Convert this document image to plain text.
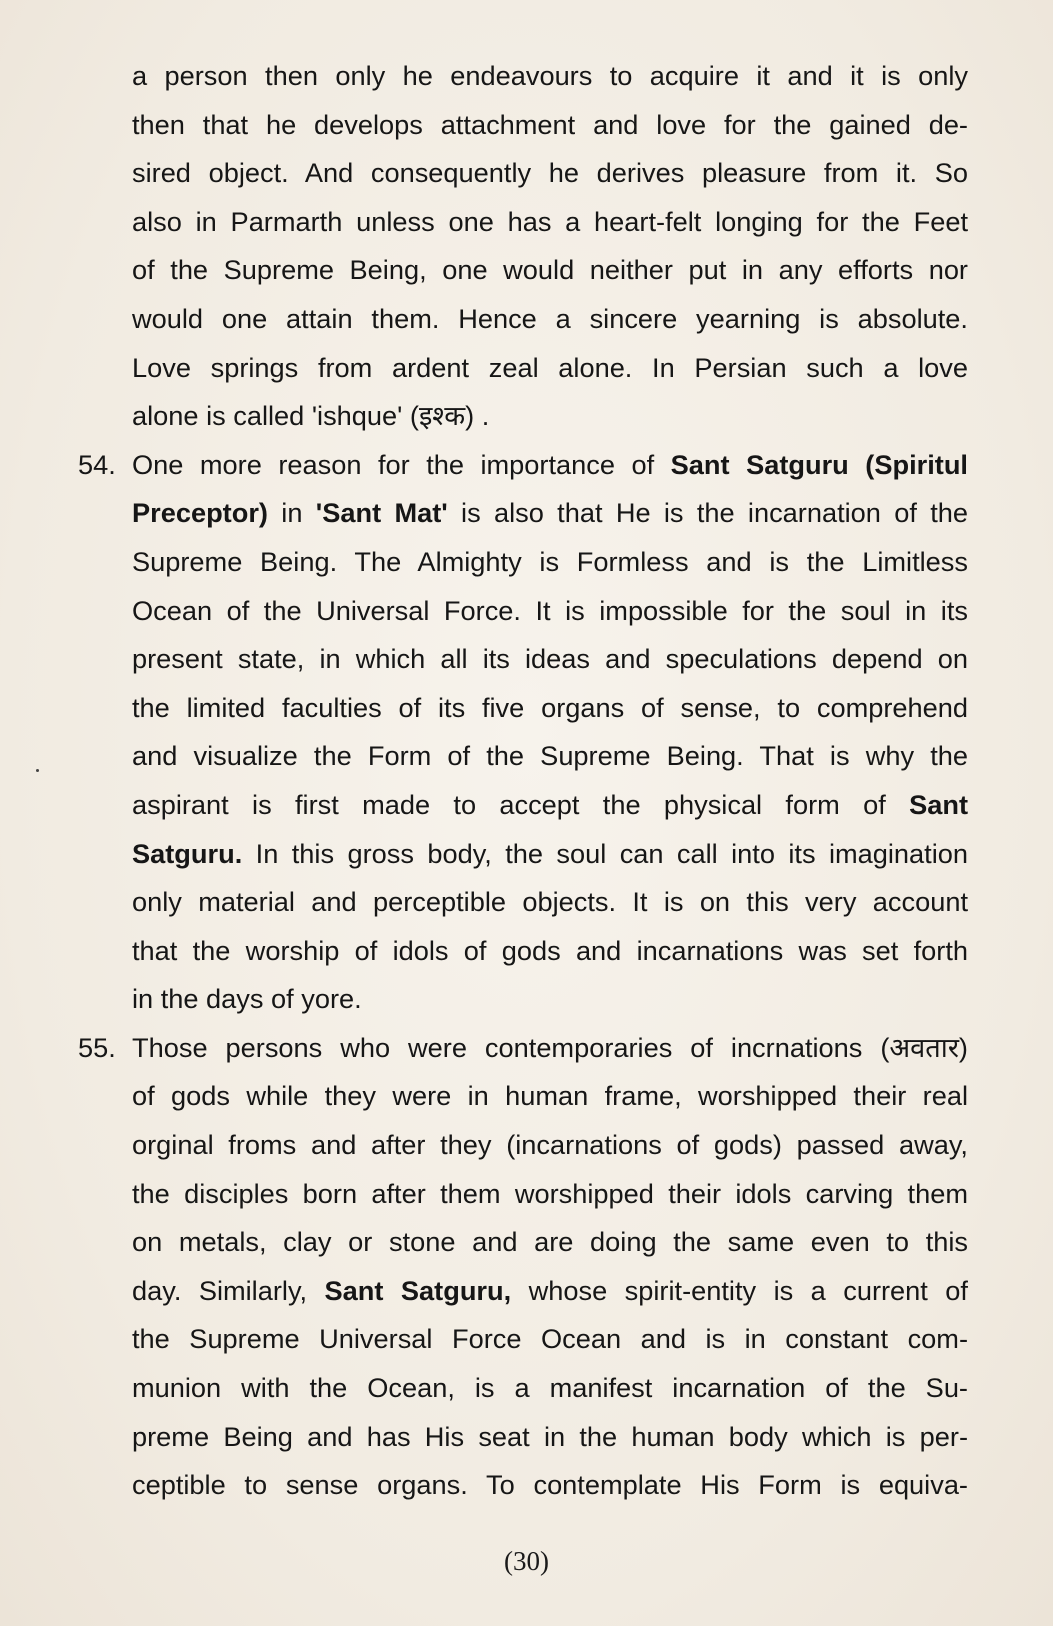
a person then only he endeavours to acquire it and it is only
then that he develops attachment and love for the gained de-
sired object. And consequently he derives pleasure from it. So
also in Parmarth unless one has a heart-felt longing for the Feet
of the Supreme Being, one would neither put in any efforts nor
would one attain them. Hence a sincere yearning is absolute.
Love springs from ardent zeal alone. In Persian such a love
alone is called 'ishque' (इश्क) .
54. One more reason for the importance of Sant Satguru (Spiritul
Preceptor) in 'Sant Mat' is also that He is the incarnation of the
Supreme Being. The Almighty is Formless and is the Limitless
Ocean of the Universal Force. It is impossible for the soul in its
present state, in which all its ideas and speculations depend on
the limited faculties of its five organs of sense, to comprehend
and visualize the Form of the Supreme Being. That is why the
aspirant is first made to accept the physical form of Sant
Satguru. In this gross body, the soul can call into its imagination
only material and perceptible objects. It is on this very account
that the worship of idols of gods and incarnations was set forth
in the days of yore.
55. Those persons who were contemporaries of incrnations (अवतार)
of gods while they were in human frame, worshipped their real
orginal froms and after they (incarnations of gods) passed away,
the disciples born after them worshipped their idols carving them
on metals, clay or stone and are doing the same even to this
day. Similarly, Sant Satguru, whose spirit-entity is a current of
the Supreme Universal Force Ocean and is in constant com-
munion with the Ocean, is a manifest incarnation of the Su-
preme Being and has His seat in the human body which is per-
ceptible to sense organs. To contemplate His Form is equiva-
(30)
